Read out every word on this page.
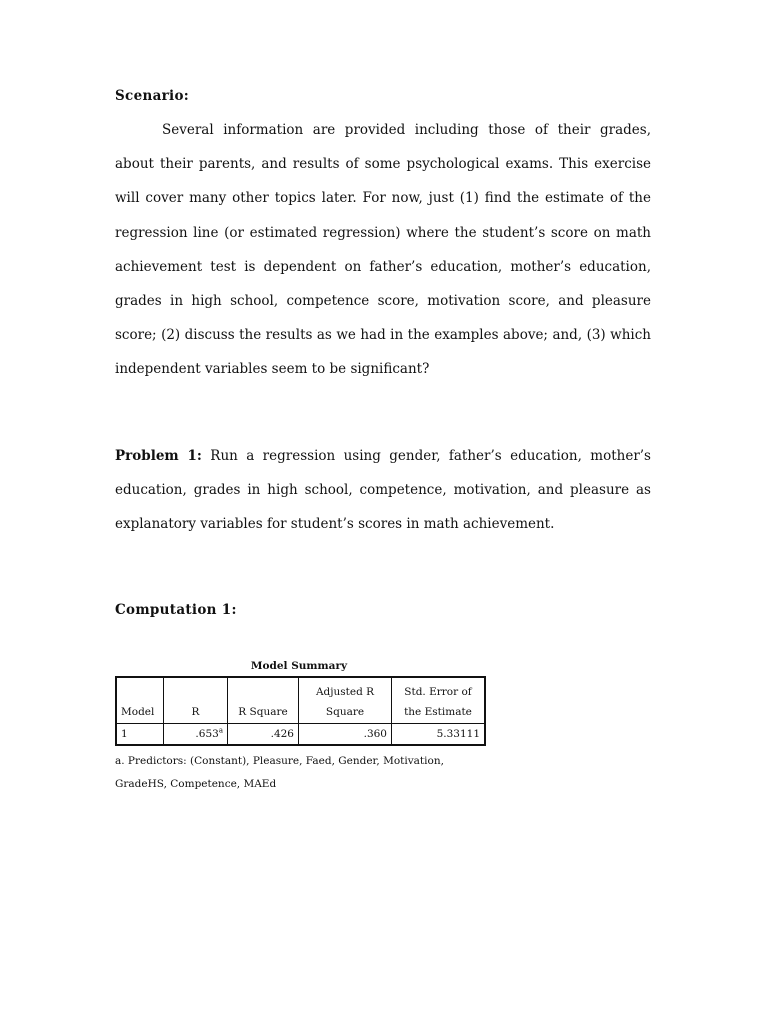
Scenario:

Several information are provided including those of their grades, about their parents, and results of some psychological exams. This exercise will cover many other topics later. For now, just (1) find the estimate of the regression line (or estimated regression) where the student’s score on math achievement test is dependent on father’s education, mother’s education, grades in high school, competence score, motivation score, and pleasure score; (2) discuss the results as we had in the examples above; and, (3) which independent variables seem to be significant?

Problem 1: Run a regression using gender, father’s education, mother’s education, grades in high school, competence, motivation, and pleasure as explanatory variables for student’s scores in math achievement.

Computation 1:

Model Summary

Model	R	R Square	Adjusted R Square	Std. Error of the Estimate
1	.653$^a$	.426	.360	5.33111

a. Predictors: (Constant), Pleasure, Faed, Gender, Motivation, GradeHS, Competence, MAEd
